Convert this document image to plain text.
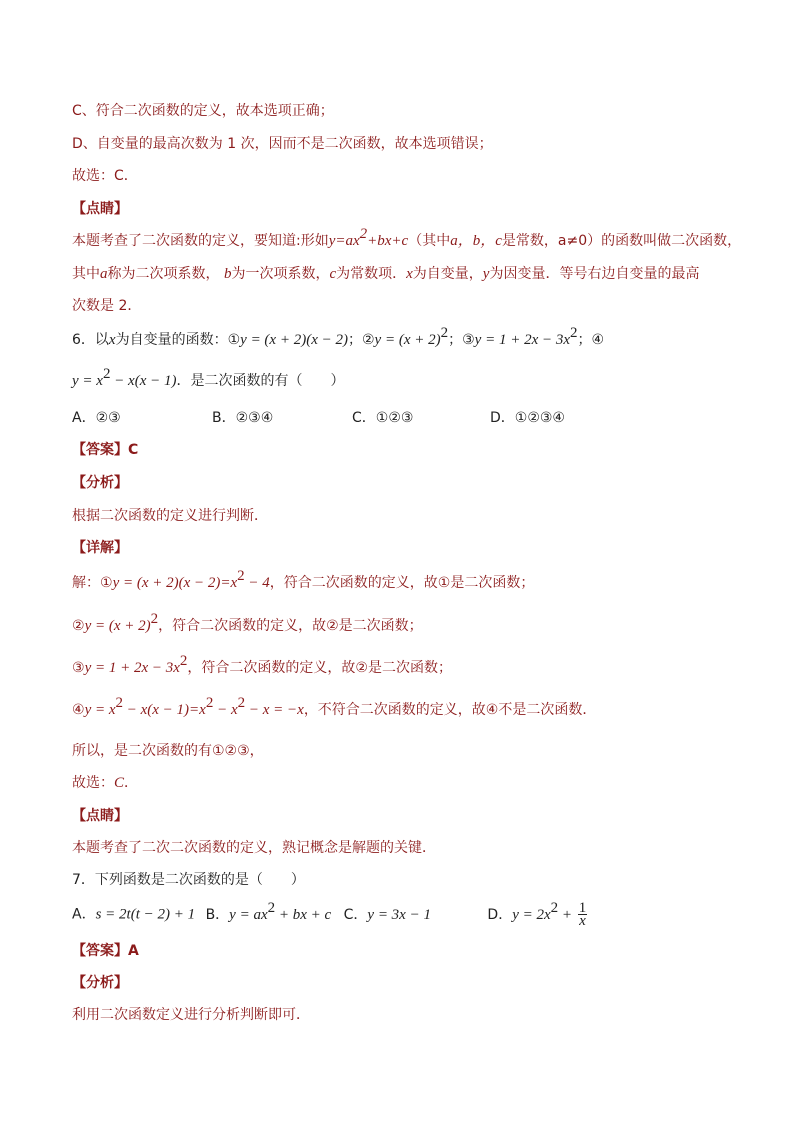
C、符合二次函数的定义，故本选项正确；
D、自变量的最高次数为 1 次，因而不是二次函数，故本选项错误；
故选：C．
【点睛】
本题考查了二次函数的定义，要知道:形如$y=ax^2+bx+c$（其中a，b，c是常数，a≠0）的函数叫做二次函数，
其中a称为二次项系数， b为一次项系数，c为常数项．x为自变量，y为因变量．等号右边自变量的最高
次数是 2．
6．以x为自变量的函数：①y = (x + 2)(x − 2)；②y = $(x + 2)^2$；③y = $1 + 2x - 3x^2$；④
$y = x^2 - x(x - 1)$．是二次函数的有（　　）
A．②③	B．②③④	C．①②③	D．①②③④
【答案】C
【分析】
根据二次函数的定义进行判断．
【详解】
解：①y = $(x + 2)(x - 2)=x^2 - 4$，符合二次函数的定义，故①是二次函数；
②y = $(x + 2)^2$，符合二次函数的定义，故②是二次函数；
③y = $1 + 2x - 3x^2$，符合二次函数的定义，故②是二次函数；
④y = $x^2 - x(x - 1)=x^2 - x^2 - x = -x$，不符合二次函数的定义，故④不是二次函数．
所以，是二次函数的有①②③，
故选：C．
【点睛】
本题考查了二次二次函数的定义，熟记概念是解题的关键．
7．下列函数是二次函数的是（　　）
A．s = 2t(t − 2) + 1 B．$y = ax^2$ + bx + c C．y = 3x − 1	D．$y = 2x^2 + \frac{1}{x}$
【答案】A
【分析】
利用二次函数定义进行分析判断即可．
